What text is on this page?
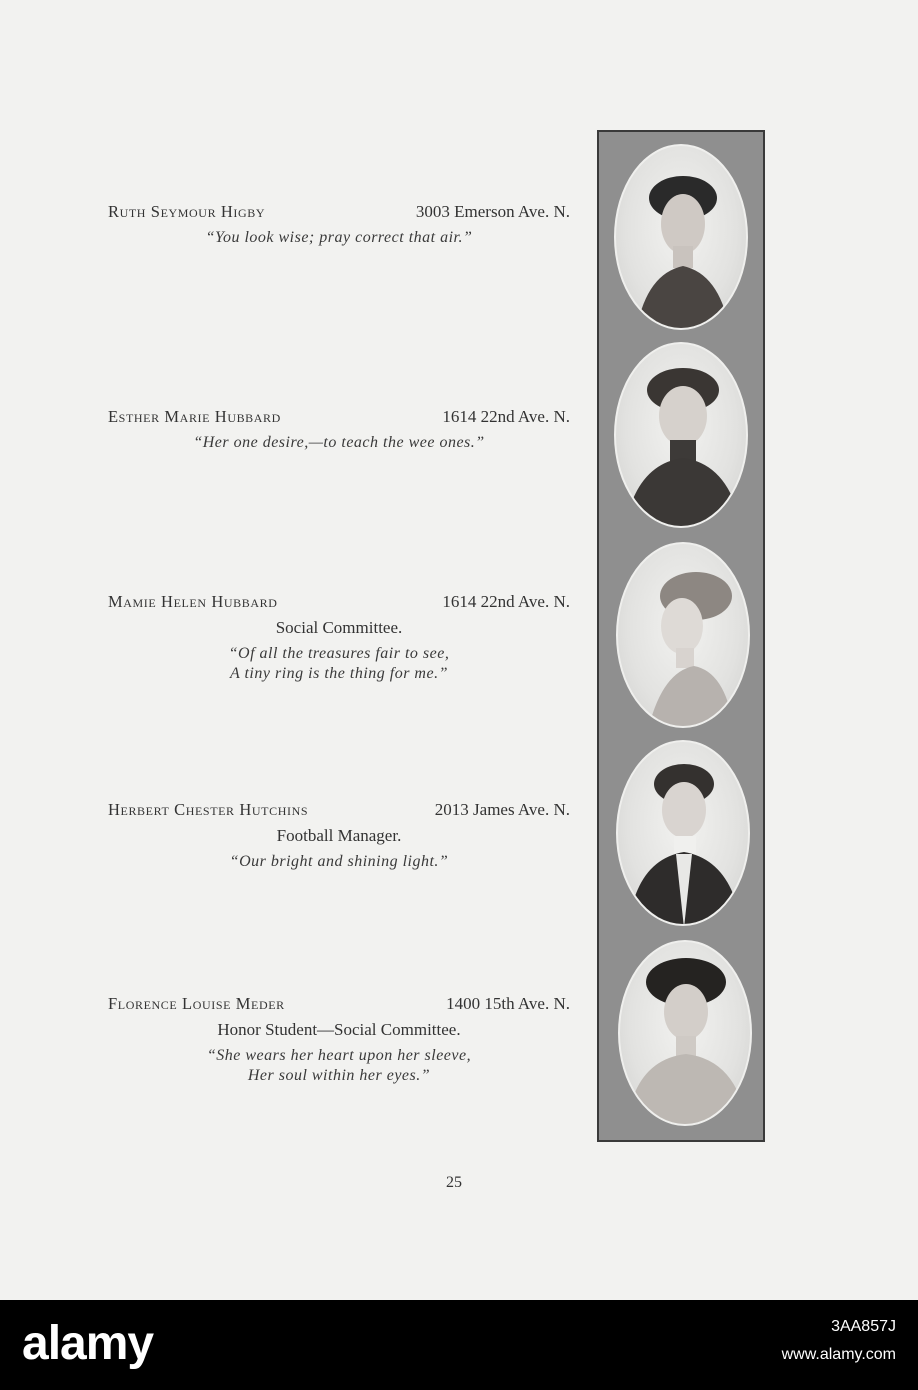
Ruth Seymour Higby	3003 Emerson Ave. N.
“You look wise; pray correct that air.”
Esther Marie Hubbard	1614 22nd Ave. N.
“Her one desire,—to teach the wee ones.”
Mamie Helen Hubbard	1614 22nd Ave. N.
Social Committee.
“Of all the treasures fair to see,
A tiny ring is the thing for me.”
Herbert Chester Hutchins	2013 James Ave. N.
Football Manager.
“Our bright and shining light.”
Florence Louise Meder	1400 15th Ave. N.
Honor Student—Social Committee.
“She wears her heart upon her sleeve,
Her soul within her eyes.”
25
alamy	3AA857J
www.alamy.com
